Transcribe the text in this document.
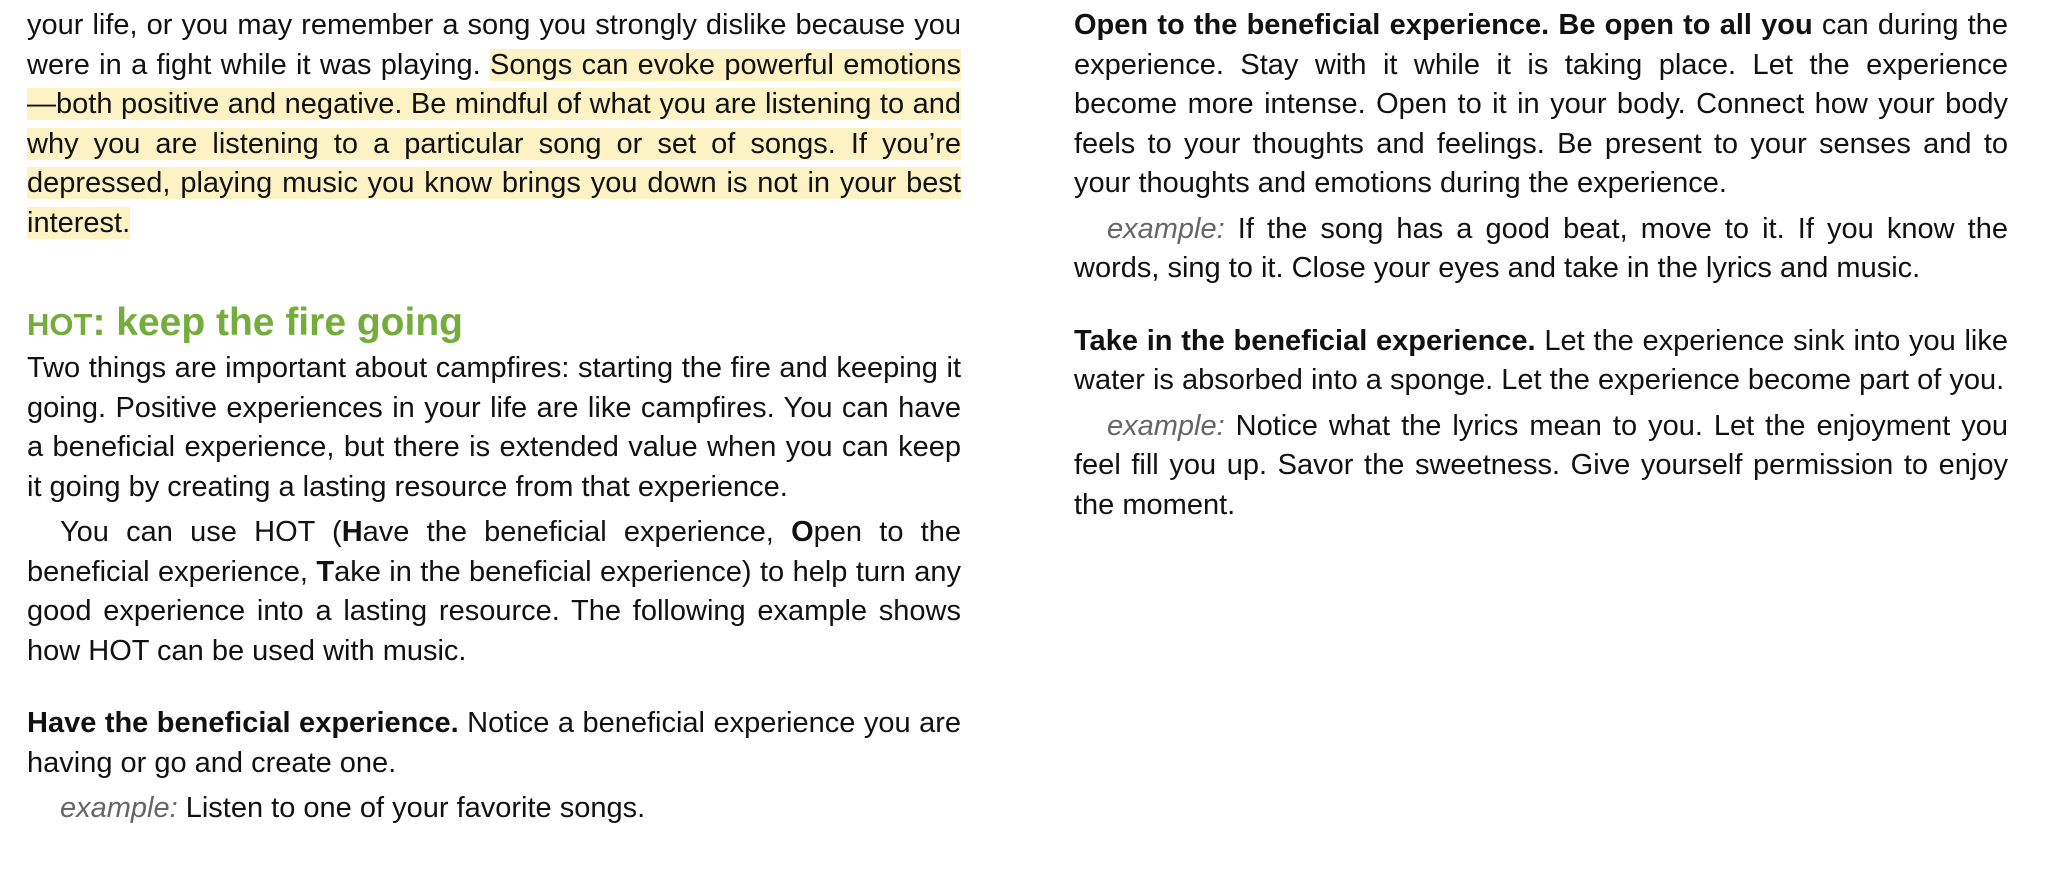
your life, or you may remember a song you strongly dislike because you were in a fight while it was playing. Songs can evoke powerful emotions—both positive and negative. Be mindful of what you are listening to and why you are listening to a particular song or set of songs. If you’re depressed, playing music you know brings you down is not in your best interest.

HOT: keep the fire going

Two things are important about campfires: starting the fire and keeping it going. Positive experiences in your life are like campfires. You can have a beneficial experience, but there is extended value when you can keep it going by creating a lasting resource from that experience.

You can use HOT (Have the beneficial experience, Open to the beneficial experience, Take in the beneficial experience) to help turn any good experience into a lasting resource. The following example shows how HOT can be used with music.

Have the beneficial experience. Notice a beneficial experience you are having or go and create one.

example: Listen to one of your favorite songs.

Open to the beneficial experience. Be open to all you can during the experience. Stay with it while it is taking place. Let the experience become more intense. Open to it in your body. Connect how your body feels to your thoughts and feelings. Be present to your senses and to your thoughts and emotions during the experience.

example: If the song has a good beat, move to it. If you know the words, sing to it. Close your eyes and take in the lyrics and music.

Take in the beneficial experience. Let the experience sink into you like water is absorbed into a sponge. Let the experience become part of you.

example: Notice what the lyrics mean to you. Let the enjoyment you feel fill you up. Savor the sweetness. Give yourself permission to enjoy the moment.
